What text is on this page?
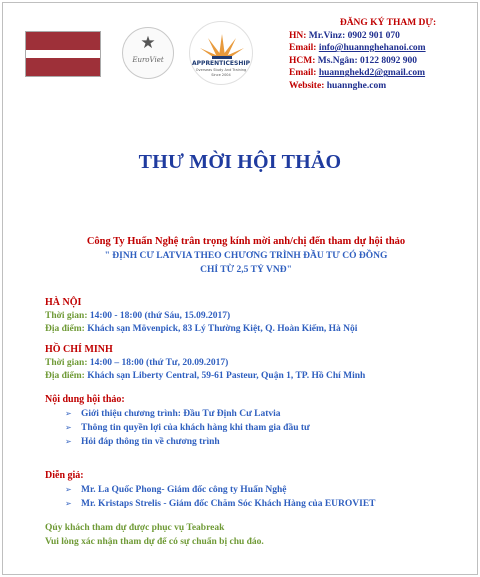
★
EuroViet	APPRENTICESHIP
Overseas Study And Training
Since 2004
ĐĂNG KÝ THAM DỰ:
HN: Mr.Vinz: 0902 901 070
Email: info@huannghehanoi.com
HCM: Ms.Ngân: 0122 8092 900
Email: huannghekd2@gmail.com
Website: huannghe.com
THƯ MỜI HỘI THẢO
Công Ty Huấn Nghệ trân trọng kính mời anh/chị đến tham dự hội thảo
" ĐỊNH CƯ LATVIA THEO CHƯƠNG TRÌNH ĐẦU TƯ CÓ ĐỒNG
CHỈ TỪ 2,5 TỶ VNĐ"
HÀ NỘI
Thời gian: 14:00 - 18:00 (thứ Sáu, 15.09.2017)
Địa điểm: Khách sạn Mövenpick, 83 Lý Thường Kiệt, Q. Hoàn Kiếm, Hà Nội
HỒ CHÍ MINH
Thời gian: 14:00 – 18:00 (thứ Tư, 20.09.2017)
Địa điểm: Khách sạn Liberty Central, 59-61 Pasteur, Quận 1, TP. Hồ Chí Minh
Nội dung hội thảo:
➢ Giới thiệu chương trình: Đầu Tư Định Cư Latvia
➢ Thông tin quyền lợi của khách hàng khi tham gia đầu tư
➢ Hỏi đáp thông tin về chương trình
Diễn giả:
➢ Mr. La Quốc Phong- Giám đốc công ty Huấn Nghệ
➢ Mr. Kristaps Strelis - Giám đốc Chăm Sóc Khách Hàng của EUROVIET
Qúy khách tham dự được phục vụ Teabreak
Vui lòng xác nhận tham dự để có sự chuẩn bị chu đáo.
